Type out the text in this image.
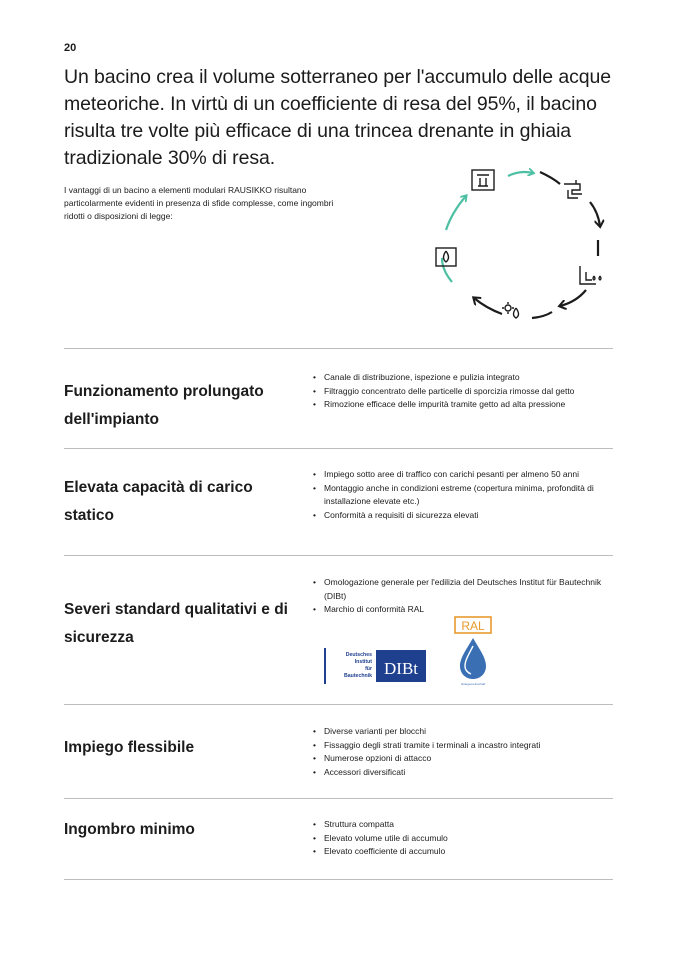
20
Un bacino crea il volume sotterraneo per l'accumulo delle acque meteoriche. In virtù di un coefficiente di resa del 95%, il bacino risulta tre volte più efficace di una trincea drenante in ghiaia tradizionale 30% di resa.

I vantaggi di un bacino a elementi modulari RAUSIKKO risultano particolarmente evidenti in presenza di sfide complesse, come ingombri ridotti o disposizioni di legge:

Funzionamento prolungato dell'impianto
• Canale di distribuzione, ispezione e pulizia integrato
• Filtraggio concentrato delle particelle di sporcizia rimosse dal getto
• Rimozione efficace delle impurità tramite getto ad alta pressione
Elevata capacità di carico statico
• Impiego sotto aree di traffico con carichi pesanti per almeno 50 anni
• Montaggio anche in condizioni estreme (copertura minima, profondità di installazione elevate etc.)
• Conformità a requisiti di sicurezza elevati
Severi standard qualitativi e di sicurezza
• Omologazione generale per l'edilizia del Deutsches Institut für Bautechnik (DIBt)
• Marchio di conformità RAL
Deutsches
Institut
für
Bautechnik DIBt
RAL
Gütegemeinschaft
Impiego flessibile
• Diverse varianti per blocchi
• Fissaggio degli strati tramite i terminali a incastro integrati
• Numerose opzioni di attacco
• Accessori diversificati
Ingombro minimo	• Struttura compatta
• Elevato volume utile di accumulo
• Elevato coefficiente di accumulo
